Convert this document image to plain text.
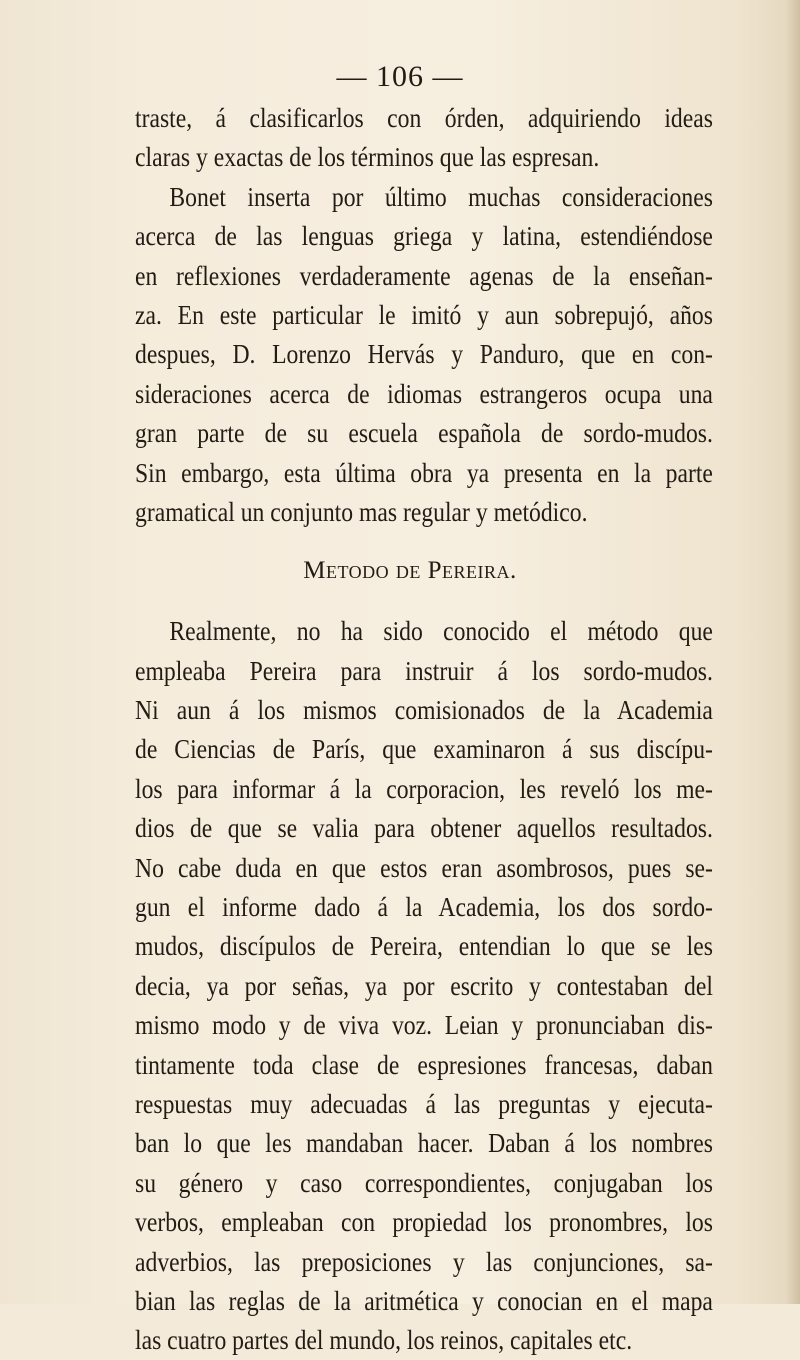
— 106 —
traste, á clasificarlos con órden, adquiriendo ideas
claras y exactas de los términos que las espresan.
Bonet inserta por último muchas consideraciones
acerca de las lenguas griega y latina, estendiéndose
en reflexiones verdaderamente agenas de la enseñan-
za. En este particular le imitó y aun sobrepujó, años
despues, D. Lorenzo Hervás y Panduro, que en con-
sideraciones acerca de idiomas estrangeros ocupa una
gran parte de su escuela española de sordo-mudos.
Sin embargo, esta última obra ya presenta en la parte
gramatical un conjunto mas regular y metódico.
Metodo de Pereira.
Realmente, no ha sido conocido el método que
empleaba Pereira para instruir á los sordo-mudos.
Ni aun á los mismos comisionados de la Academia
de Ciencias de París, que examinaron á sus discípu-
los para informar á la corporacion, les reveló los me-
dios de que se valia para obtener aquellos resultados.
No cabe duda en que estos eran asombrosos, pues se-
gun el informe dado á la Academia, los dos sordo-
mudos, discípulos de Pereira, entendian lo que se les
decia, ya por señas, ya por escrito y contestaban del
mismo modo y de viva voz. Leian y pronunciaban dis-
tintamente toda clase de espresiones francesas, daban
respuestas muy adecuadas á las preguntas y ejecuta-
ban lo que les mandaban hacer. Daban á los nombres
su género y caso correspondientes, conjugaban los
verbos, empleaban con propiedad los pronombres, los
adverbios, las preposiciones y las conjunciones, sa-
bian las reglas de la aritmética y conocian en el mapa
las cuatro partes del mundo, los reinos, capitales etc.
